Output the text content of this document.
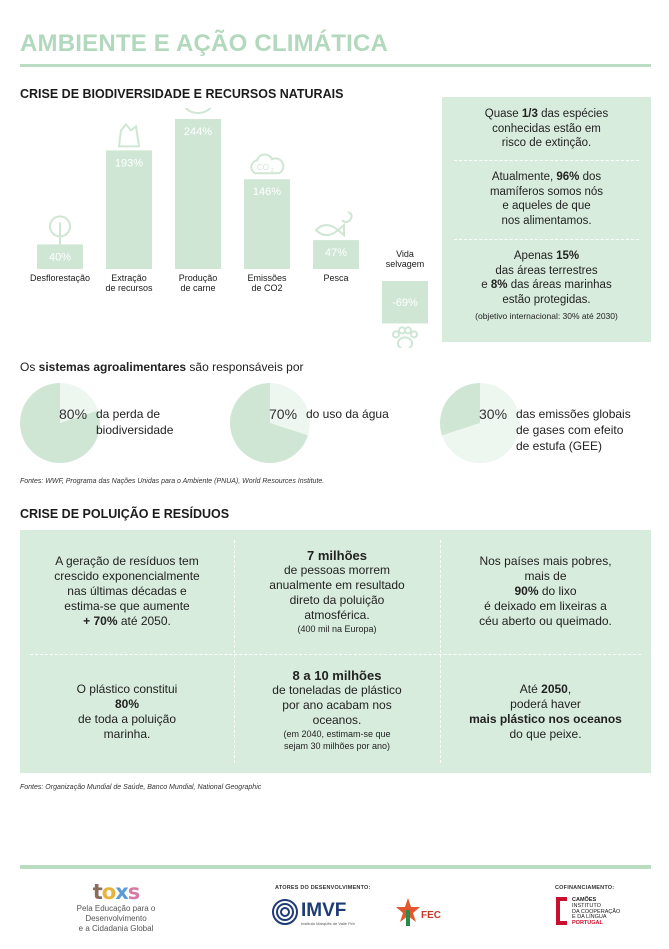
AMBIENTE E AÇÃO CLIMÁTICA
CRISE DE BIODIVERSIDADE E RECURSOS NATURAIS
40%
Desflorestação
193%
Extração
de recursos
244%
Produção
de carne
146%
Emissões
de CO2
CO 2
47%
Pesca
-69%
Vida
selvagem
Quase 1/3 das espécies
conhecidas estão em
risco de extinção.
Atualmente, 96% dos
mamíferos somos nós
e aqueles de que
nos alimentamos.
Apenas 15%
das áreas terrestres
e 8% das áreas marinhas
estão protegidas.
(objetivo internacional: 30% até 2030)
Os sistemas agroalimentares são responsáveis por
80% da perda de
biodiversidade
70% do uso da água	30% das emissões globais
de gases com efeito
de estufa (GEE)
Fontes: WWF, Programa das Nações Unidas para o Ambiente (PNUA), World Resources Institute.
CRISE DE POLUIÇÃO E RESÍDUOS
A geração de resíduos tem
crescido exponencialmente
nas últimas décadas e
estima-se que aumente
+ 70% até 2050.
7 milhões
de pessoas morrem
anualmente em resultado
direto da poluição
atmosférica.
(400 mil na Europa)
Nos países mais pobres,
mais de
90% do lixo
é deixado em lixeiras a
céu aberto ou queimado.
O plástico constitui
80%
de toda a poluição
marinha.
8 a 10 milhões
de toneladas de plástico
por ano acabam nos
oceanos.
(em 2040, estimam-se que
sejam 30 milhões por ano)
Até 2050,
poderá haver
mais plástico nos oceanos
do que peixe.
Fontes: Organização Mundial de Saúde, Banco Mundial, National Geographic
toxs
Pela Educação para o Desenvolvimento
e a Cidadania Global
ATORES DO DESENVOLVIMENTO:
IMVF
Instituto Marquês de Valle Flôr
FEC
COFINANCIAMENTO:
CAMÕES
INSTITUTO
DA COOPERAÇÃO
E DA LÍNGUA
PORTUGAL
